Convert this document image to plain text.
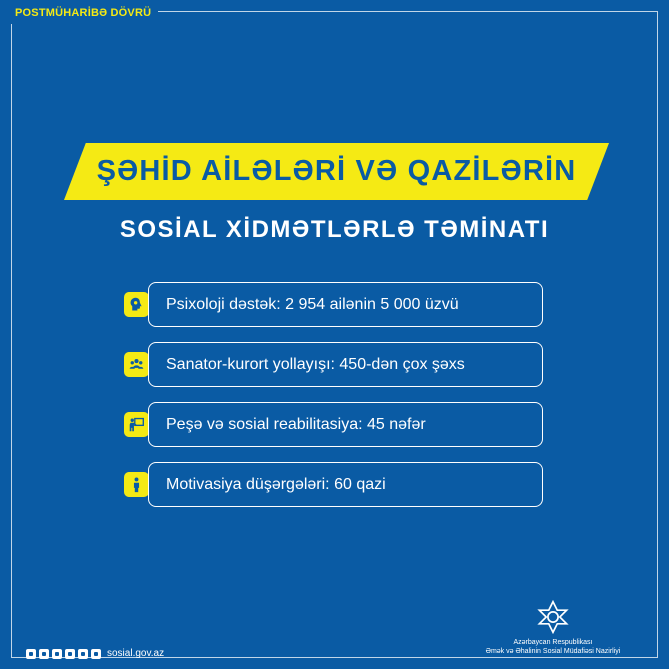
POSTMÜHARİBƏ DÖVRÜ
ŞƏHİD AİLƏLƏRİ VƏ QAZİLƏRİN
SOSİAL XİDMƏTLƏRLƏ TƏMİNATI
Psixoloji dəstək: 2 954 ailənin 5 000 üzvü
Sanator-kurort yollayışı: 450-dən çox şəxs
Peşə və sosial reabilitasiya: 45 nəfər
Motivasiya düşərgələri: 60 qazi
sosial.gov.az
Azərbaycan Respublikası
Əmək və Əhalinin Sosial Müdafiəsi Nazirliyi
